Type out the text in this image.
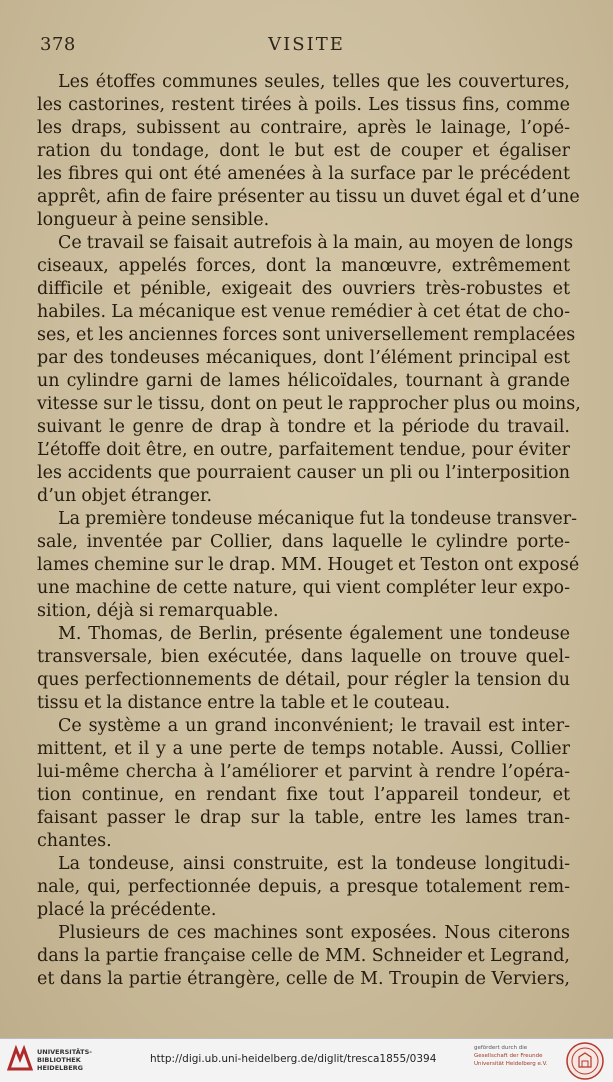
378	VISITE
Les étoffes communes seules, telles que les couvertures,
les castorines, restent tirées à poils. Les tissus fins, comme
les draps, subissent au contraire, après le lainage, l’opé-
ration du tondage, dont le but est de couper et égaliser
les fibres qui ont été amenées à la surface par le précédent
apprêt, afin de faire présenter au tissu un duvet égal et d’une
longueur à peine sensible.
Ce travail se faisait autrefois à la main, au moyen de longs
ciseaux, appelés forces, dont la manœuvre, extrêmement
difficile et pénible, exigeait des ouvriers très-robustes et
habiles. La mécanique est venue remédier à cet état de cho-
ses, et les anciennes forces sont universellement remplacées
par des tondeuses mécaniques, dont l’élément principal est
un cylindre garni de lames hélicoïdales, tournant à grande
vitesse sur le tissu, dont on peut le rapprocher plus ou moins,
suivant le genre de drap à tondre et la période du travail.
L’étoffe doit être, en outre, parfaitement tendue, pour éviter
les accidents que pourraient causer un pli ou l’interposition
d’un objet étranger.
La première tondeuse mécanique fut la tondeuse transver-
sale, inventée par Collier, dans laquelle le cylindre porte-
lames chemine sur le drap. MM. Houget et Teston ont exposé
une machine de cette nature, qui vient compléter leur expo-
sition, déjà si remarquable.
M. Thomas, de Berlin, présente également une tondeuse
transversale, bien exécutée, dans laquelle on trouve quel-
ques perfectionnements de détail, pour régler la tension du
tissu et la distance entre la table et le couteau.
Ce système a un grand inconvénient; le travail est inter-
mittent, et il y a une perte de temps notable. Aussi, Collier
lui-même chercha à l’améliorer et parvint à rendre l’opéra-
tion continue, en rendant fixe tout l’appareil tondeur, et
faisant passer le drap sur la table, entre les lames tran-
chantes.
La tondeuse, ainsi construite, est la tondeuse longitudi-
nale, qui, perfectionnée depuis, a presque totalement rem-
placé la précédente.
Plusieurs de ces machines sont exposées. Nous citerons
dans la partie française celle de MM. Schneider et Legrand,
et dans la partie étrangère, celle de M. Troupin de Verviers,
UNIVERSITÄTS-
BIBLIOTHEK
HEIDELBERG
http://digi.ub.uni-heidelberg.de/diglit/tresca1855/0394
gefördert durch die
Gesellschaft der Freunde
Universität Heidelberg e.V.
